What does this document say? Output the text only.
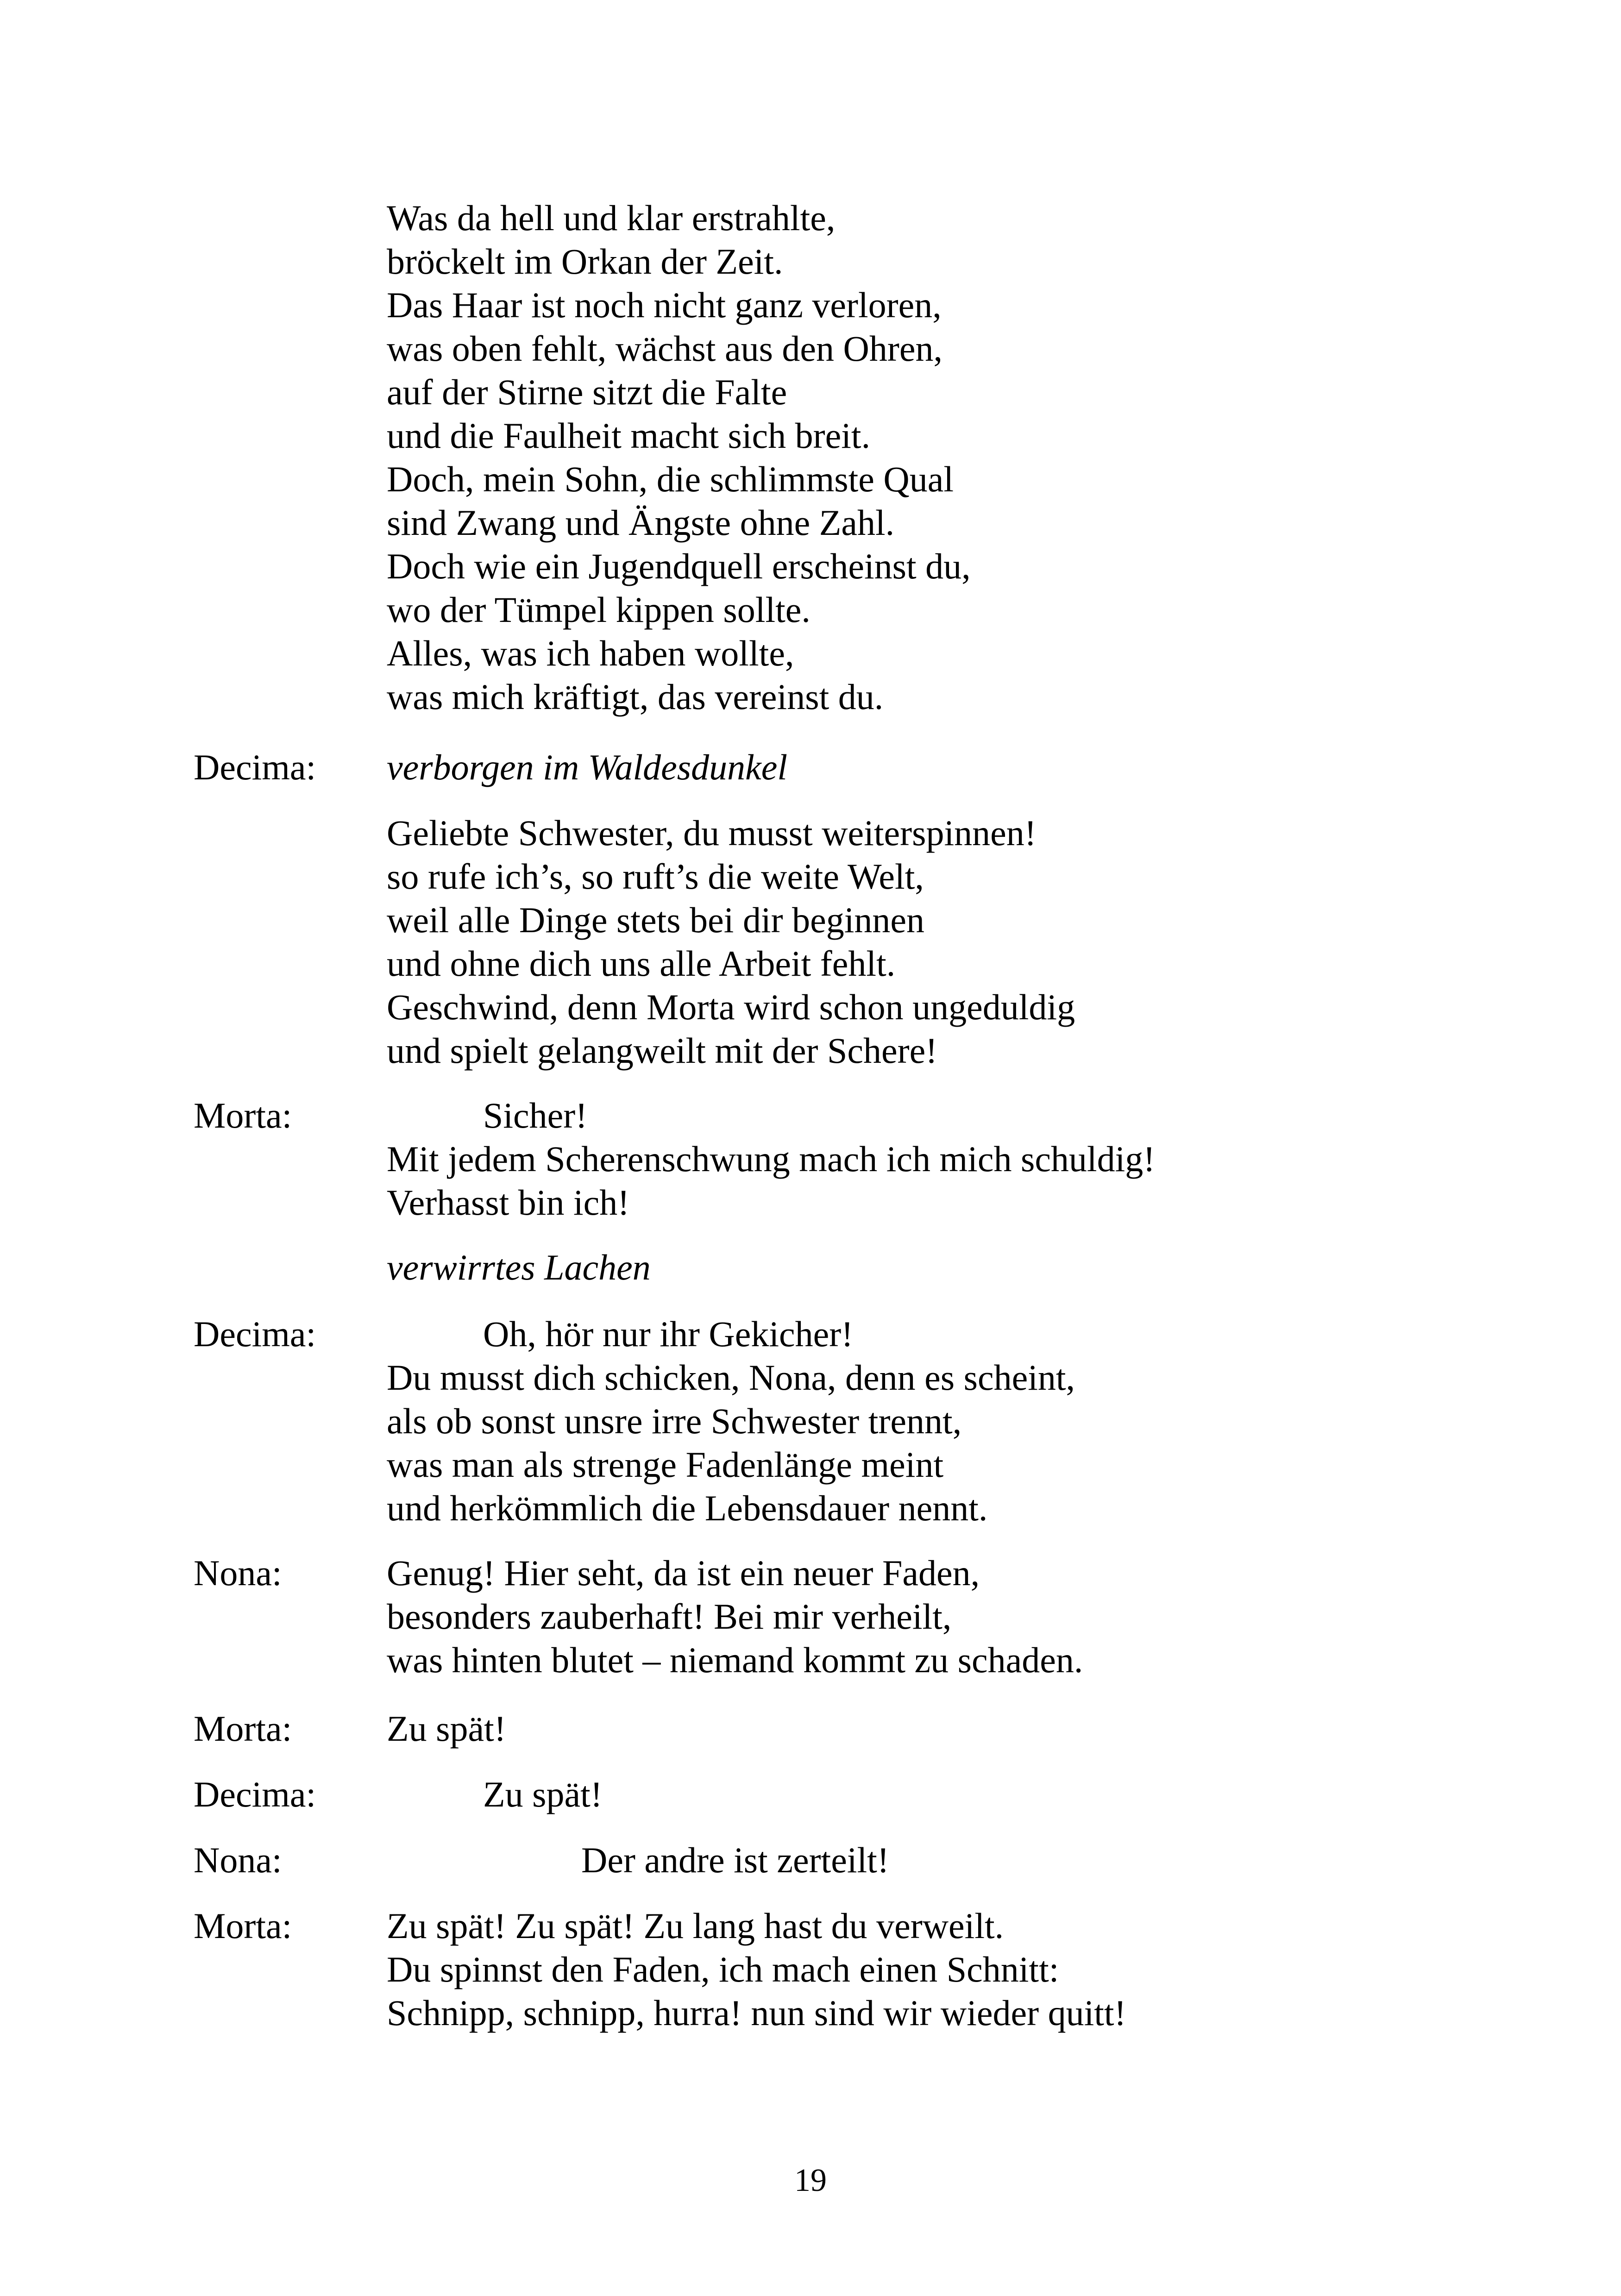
Was da hell und klar erstrahlte,
bröckelt im Orkan der Zeit.
Das Haar ist noch nicht ganz verloren,
was oben fehlt, wächst aus den Ohren,
auf der Stirne sitzt die Falte
und die Faulheit macht sich breit.
Doch, mein Sohn, die schlimmste Qual
sind Zwang und Ängste ohne Zahl.
Doch wie ein Jugendquell erscheinst du,
wo der Tümpel kippen sollte.
Alles, was ich haben wollte,
was mich kräftigt, das vereinst du.
Decima: verborgen im Waldesdunkel
Geliebte Schwester, du musst weiterspinnen!
so rufe ich’s, so ruft’s die weite Welt,
weil alle Dinge stets bei dir beginnen
und ohne dich uns alle Arbeit fehlt.
Geschwind, denn Morta wird schon ungeduldig
und spielt gelangweilt mit der Schere!
Morta:	Sicher!
Mit jedem Scherenschwung mach ich mich schuldig!
Verhasst bin ich!
verwirrtes Lachen
Decima:	Oh, hör nur ihr Gekicher!
Du musst dich schicken, Nona, denn es scheint,
als ob sonst unsre irre Schwester trennt,
was man als strenge Fadenlänge meint
und herkömmlich die Lebensdauer nennt.
Nona:	Genug! Hier seht, da ist ein neuer Faden,
besonders zauberhaft! Bei mir verheilt,
was hinten blutet – niemand kommt zu schaden.
Morta:	Zu spät!
Decima:	Zu spät!
Nona:	Der andre ist zerteilt!
Morta:	Zu spät! Zu spät! Zu lang hast du verweilt.
Du spinnst den Faden, ich mach einen Schnitt:
Schnipp, schnipp, hurra! nun sind wir wieder quitt!
19
